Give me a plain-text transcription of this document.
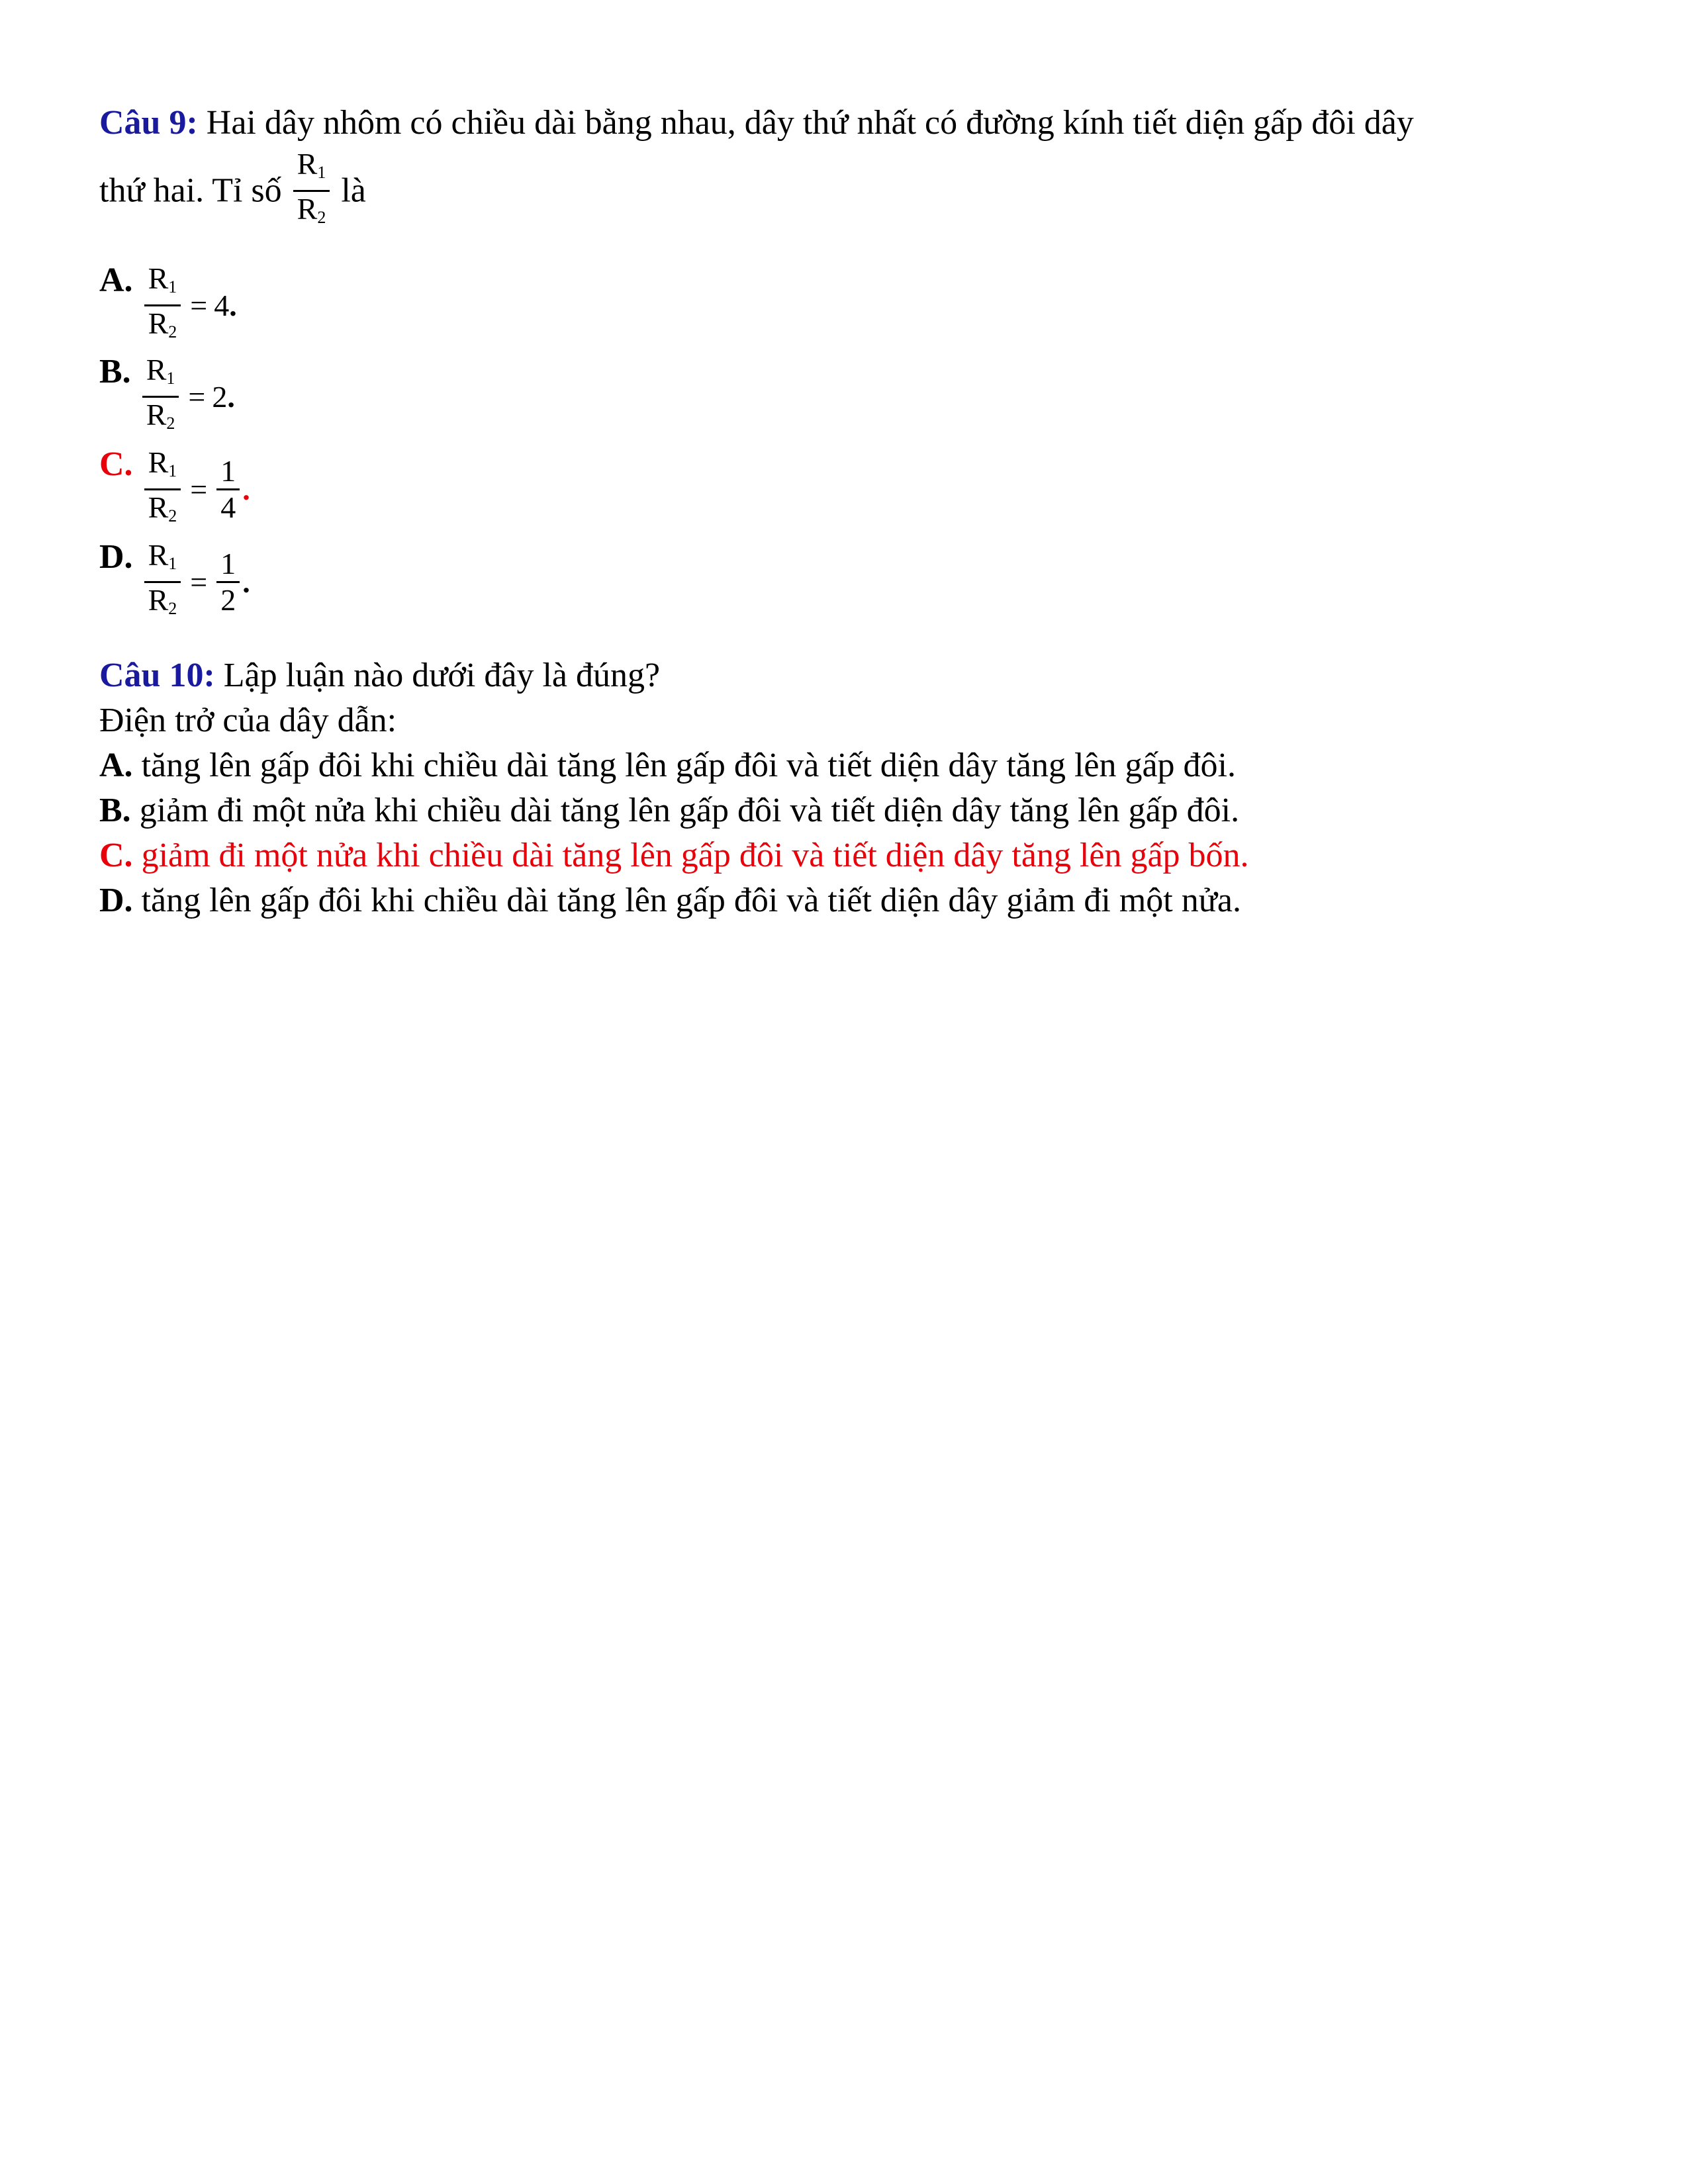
Câu 9: Hai dây nhôm có chiều dài bằng nhau, dây thứ nhất có đường kính tiết diện gấp đôi dây
thứ hai. Tỉ số $\frac{R_1}{R_2}$ là
A. $\frac{R_1}{R_2} = 4$ .
B. $\frac{R_1}{R_2} = 2$ .
C. $\frac{R_1}{R_2} = \frac{1}{4}$ .
D. $\frac{R_1}{R_2} = \frac{1}{2}$ .
Câu 10: Lập luận nào dưới đây là đúng?
Điện trở của dây dẫn:
A. tăng lên gấp đôi khi chiều dài tăng lên gấp đôi và tiết diện dây tăng lên gấp đôi.
B. giảm đi một nửa khi chiều dài tăng lên gấp đôi và tiết diện dây tăng lên gấp đôi.
C. giảm đi một nửa khi chiều dài tăng lên gấp đôi và tiết diện dây tăng lên gấp bốn.
D. tăng lên gấp đôi khi chiều dài tăng lên gấp đôi và tiết diện dây giảm đi một nửa.
